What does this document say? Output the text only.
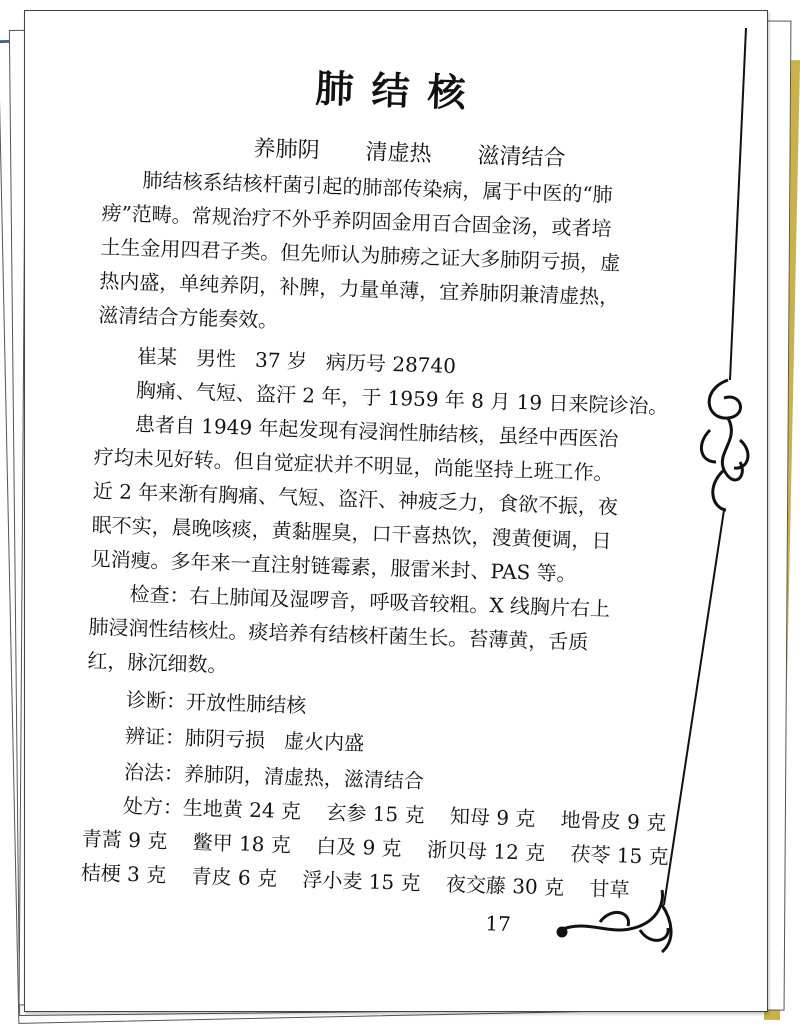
肺结核
养肺阴  清虚热  滋清结合
肺结核系结核杆菌引起的肺部传染病，属于中医的“肺
痨”范畴。常规治疗不外乎养阴固金用百合固金汤，或者培
土生金用四君子类。但先师认为肺痨之证大多肺阴亏损，虚
热内盛，单纯养阴，补脾，力量单薄，宜养肺阴兼清虚热，
滋清结合方能奏效。
崔某   男性   37 岁   病历号 28740
胸痛、气短、盗汗 2 年，于 1959 年 8 月 19 日来院诊治。
患者自 1949 年起发现有浸润性肺结核，虽经中西医治
疗均未见好转。但自觉症状并不明显，尚能坚持上班工作。
近 2 年来渐有胸痛、气短、盗汗、神疲乏力，食欲不振，夜
眠不实，晨晚咳痰，黄黏腥臭，口干喜热饮，溲黄便调，日
见消瘦。多年来一直注射链霉素，服雷米封、PAS 等。
检查：右上肺闻及湿啰音，呼吸音较粗。X 线胸片右上
肺浸润性结核灶。痰培养有结核杆菌生长。苔薄黄，舌质
红，脉沉细数。
诊断：开放性肺结核
辨证：肺阴亏损   虚火内盛
治法：养肺阴，清虚热，滋清结合
处方：生地黄 24 克    玄参 15 克    知母 9 克    地骨皮 9 克
青蒿 9 克    鳖甲 18 克    白及 9 克    浙贝母 12 克    茯苓 15 克
桔梗 3 克    青皮 6 克    浮小麦 15 克    夜交藤 30 克    甘草
17
